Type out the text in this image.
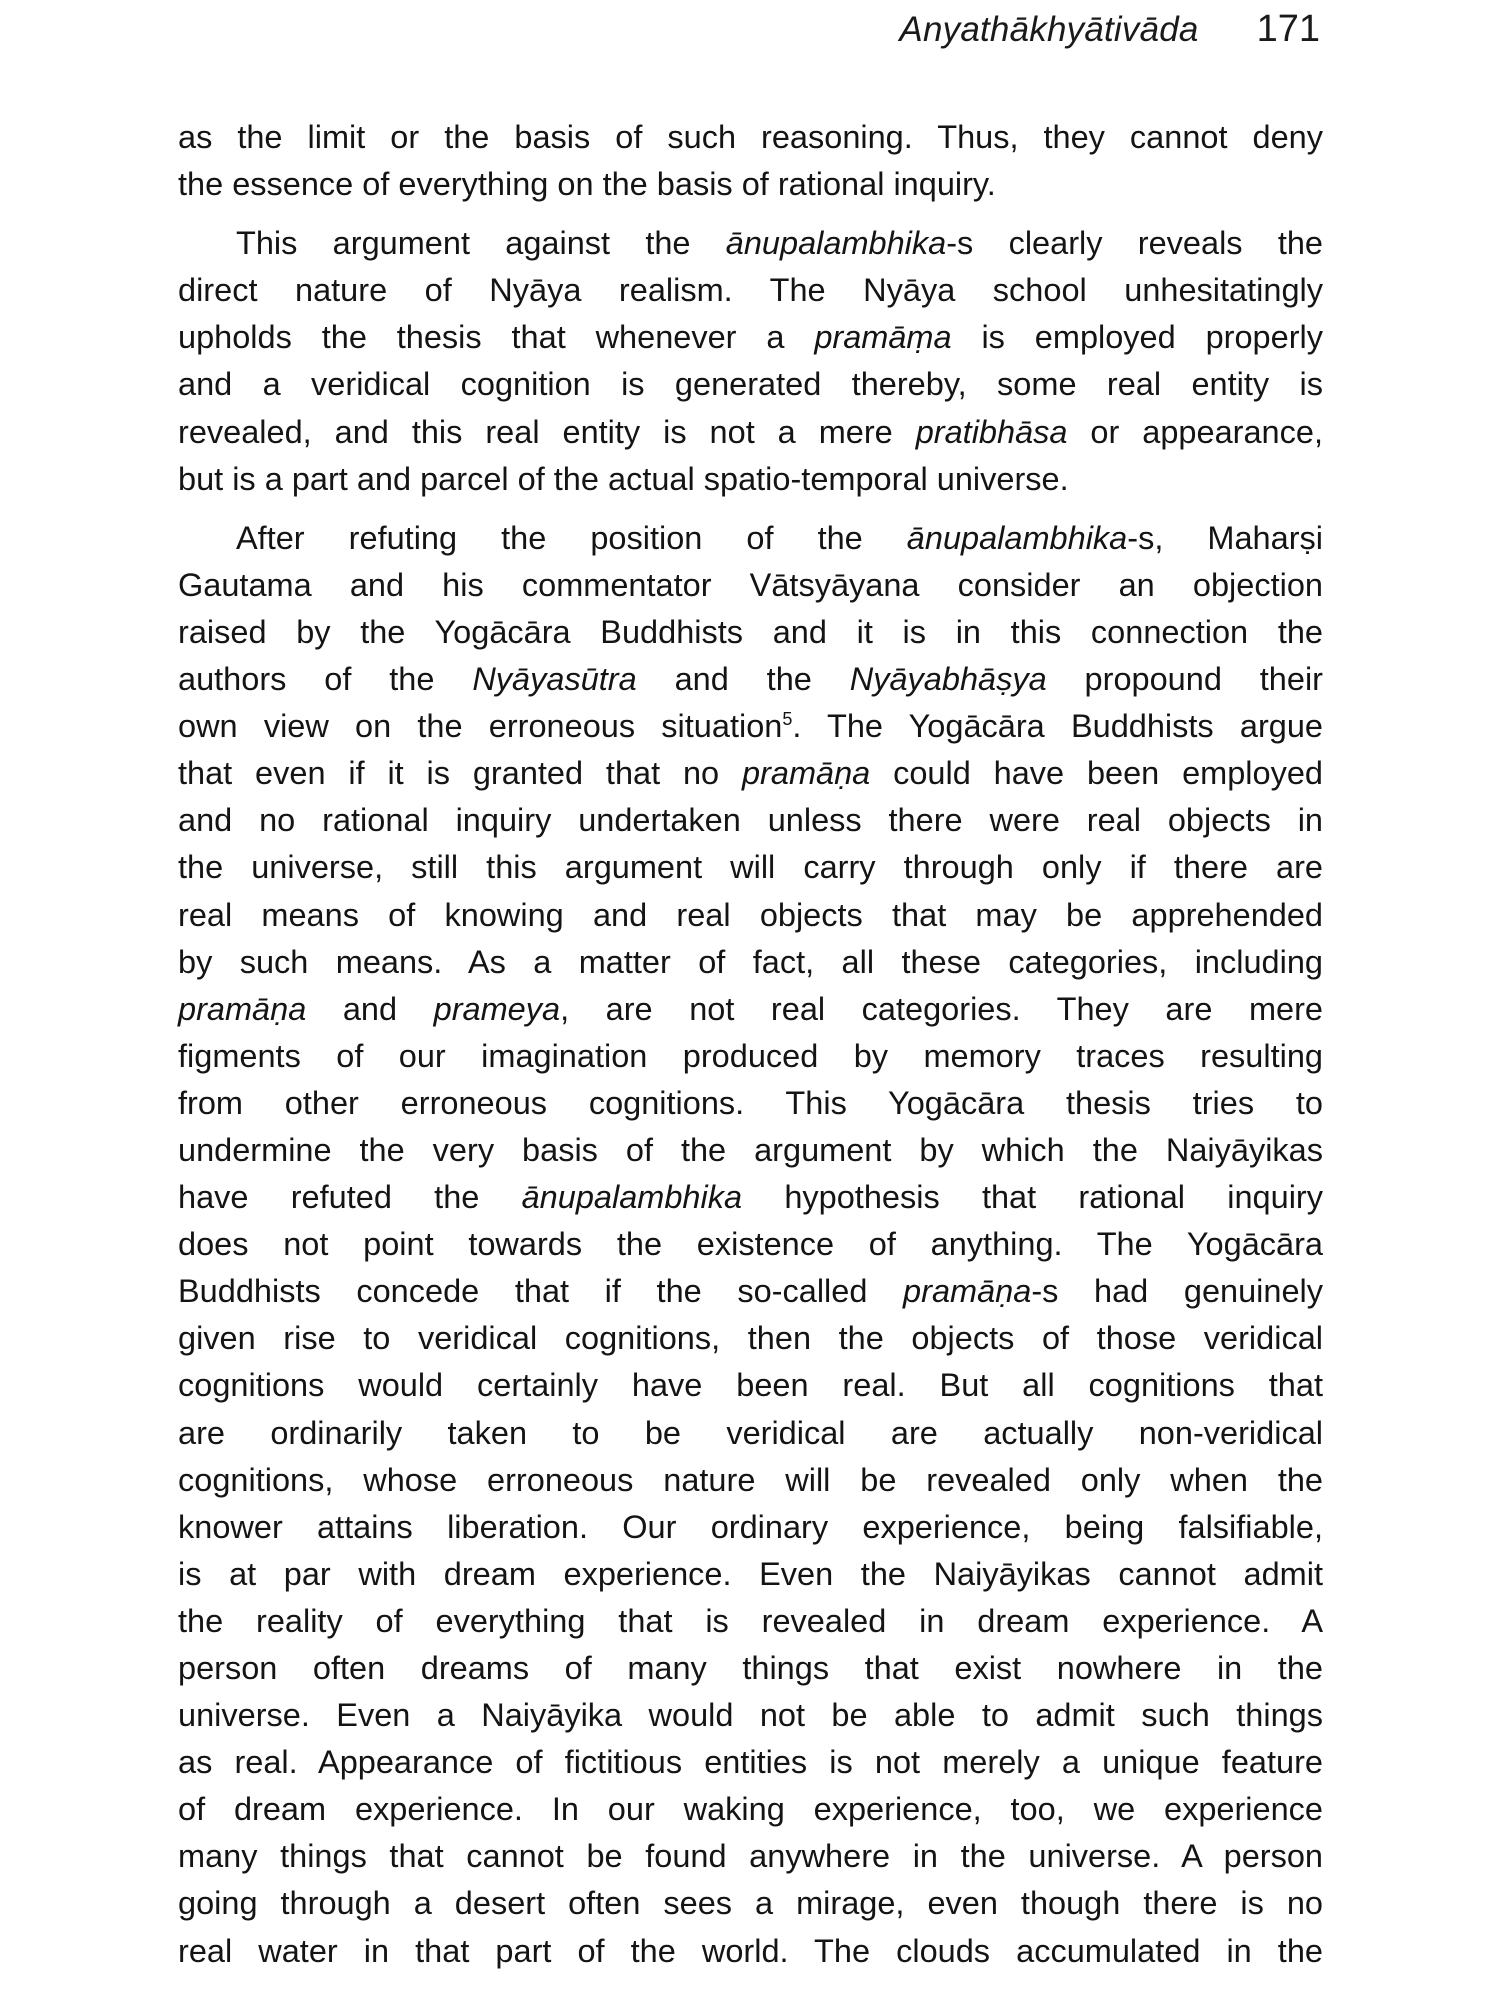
Anyathākhyātivāda 171

as the limit or the basis of such reasoning. Thus, they cannot deny
the essence of everything on the basis of rational inquiry.

This argument against the ānupalambhika-s clearly reveals the
direct nature of Nyāya realism. The Nyāya school unhesitatingly
upholds the thesis that whenever a pramāṃa is employed properly
and a veridical cognition is generated thereby, some real entity is
revealed, and this real entity is not a mere pratibhāsa or appearance,
but is a part and parcel of the actual spatio-temporal universe.

After refuting the position of the ānupalambhika-s, Maharṣi
Gautama and his commentator Vātsyāyana consider an objection
raised by the Yogācāra Buddhists and it is in this connection the
authors of the Nyāyasūtra and the Nyāyabhāṣya propound their
own view on the erroneous situation$^5$. The Yogācāra Buddhists argue
that even if it is granted that no pramāṇa could have been employed
and no rational inquiry undertaken unless there were real objects in
the universe, still this argument will carry through only if there are
real means of knowing and real objects that may be apprehended
by such means. As a matter of fact, all these categories, including
pramāṇa and prameya, are not real categories. They are mere
figments of our imagination produced by memory traces resulting
from other erroneous cognitions. This Yogācāra thesis tries to
undermine the very basis of the argument by which the Naiyāyikas
have refuted the ānupalambhika hypothesis that rational inquiry
does not point towards the existence of anything. The Yogācāra
Buddhists concede that if the so-called pramāṇa-s had genuinely
given rise to veridical cognitions, then the objects of those veridical
cognitions would certainly have been real. But all cognitions that
are ordinarily taken to be veridical are actually non-veridical
cognitions, whose erroneous nature will be revealed only when the
knower attains liberation. Our ordinary experience, being falsifiable,
is at par with dream experience. Even the Naiyāyikas cannot admit
the reality of everything that is revealed in dream experience. A
person often dreams of many things that exist nowhere in the
universe. Even a Naiyāyika would not be able to admit such things
as real. Appearance of fictitious entities is not merely a unique feature
of dream experience. In our waking experience, too, we experience
many things that cannot be found anywhere in the universe. A person
going through a desert often sees a mirage, even though there is no
real water in that part of the world. The clouds accumulated in the
